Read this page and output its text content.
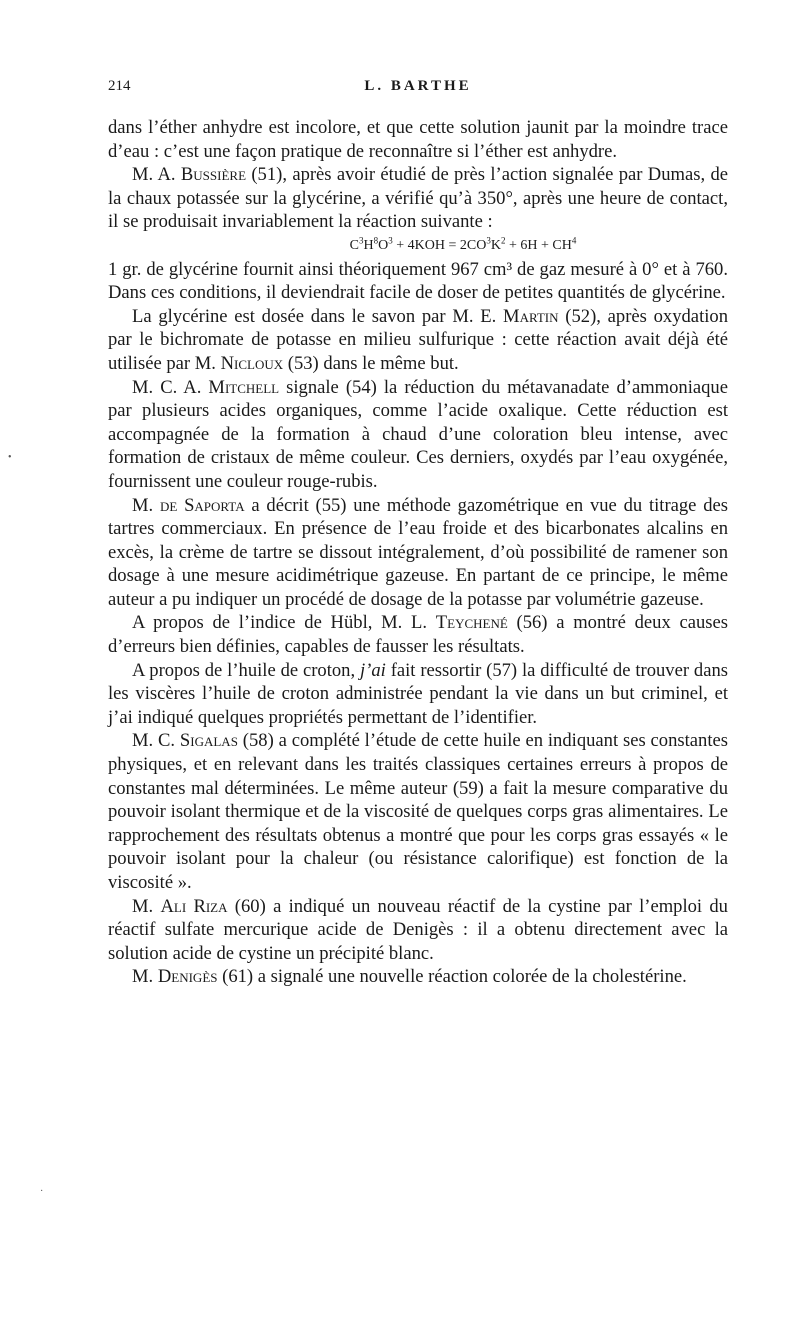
214	L. BARTHE

dans l’éther anhydre est incolore, et que cette solution jaunit par la moindre trace d’eau : c’est une façon pratique de reconnaître si l’éther est anhydre.

M. A. Bussière (51), après avoir étudié de près l’action signalée par Dumas, de la chaux potassée sur la glycérine, a vérifié qu’à 350°, après une heure de contact, il se produisait invariablement la réaction suivante :

$C^3H^8O^3 + 4KOH = 2CO^3K^2 + 6H + CH^4$

1 gr. de glycérine fournit ainsi théoriquement 967 cm³ de gaz mesuré à 0° et à 760. Dans ces conditions, il deviendrait facile de doser de petites quantités de glycérine.

La glycérine est dosée dans le savon par M. E. Martin (52), après oxydation par le bichromate de potasse en milieu sulfurique : cette réaction avait déjà été utilisée par M. Nicloux (53) dans le même but.

M. C. A. Mitchell signale (54) la réduction du métavanadate d’ammoniaque par plusieurs acides organiques, comme l’acide oxalique. Cette réduction est accompagnée de la formation à chaud d’une coloration bleu intense, avec formation de cristaux de même couleur. Ces derniers, oxydés par l’eau oxygénée, fournissent une couleur rouge-rubis.

M. de Saporta a décrit (55) une méthode gazométrique en vue du titrage des tartres commerciaux. En présence de l’eau froide et des bicarbonates alcalins en excès, la crème de tartre se dissout intégralement, d’où possibilité de ramener son dosage à une mesure acidimétrique gazeuse. En partant de ce principe, le même auteur a pu indiquer un procédé de dosage de la potasse par volumétrie gazeuse.

A propos de l’indice de Hübl, M. L. Teychené (56) a montré deux causes d’erreurs bien définies, capables de fausser les résultats.

A propos de l’huile de croton, j’ai fait ressortir (57) la difficulté de trouver dans les viscères l’huile de croton administrée pendant la vie dans un but criminel, et j’ai indiqué quelques propriétés permettant de l’identifier.

M. C. Sigalas (58) a complété l’étude de cette huile en indiquant ses constantes physiques, et en relevant dans les traités classiques certaines erreurs à propos de constantes mal déterminées. Le même auteur (59) a fait la mesure comparative du pouvoir isolant thermique et de la viscosité de quelques corps gras alimentaires. Le rapprochement des résultats obtenus a montré que pour les corps gras essayés « le pouvoir isolant pour la chaleur (ou résistance calorifique) est fonction de la viscosité ».

M. Ali Riza (60) a indiqué un nouveau réactif de la cystine par l’emploi du réactif sulfate mercurique acide de Denigès : il a obtenu directement avec la solution acide de cystine un précipité blanc.

M. Denigès (61) a signalé une nouvelle réaction colorée de la cholestérine.

•
·
